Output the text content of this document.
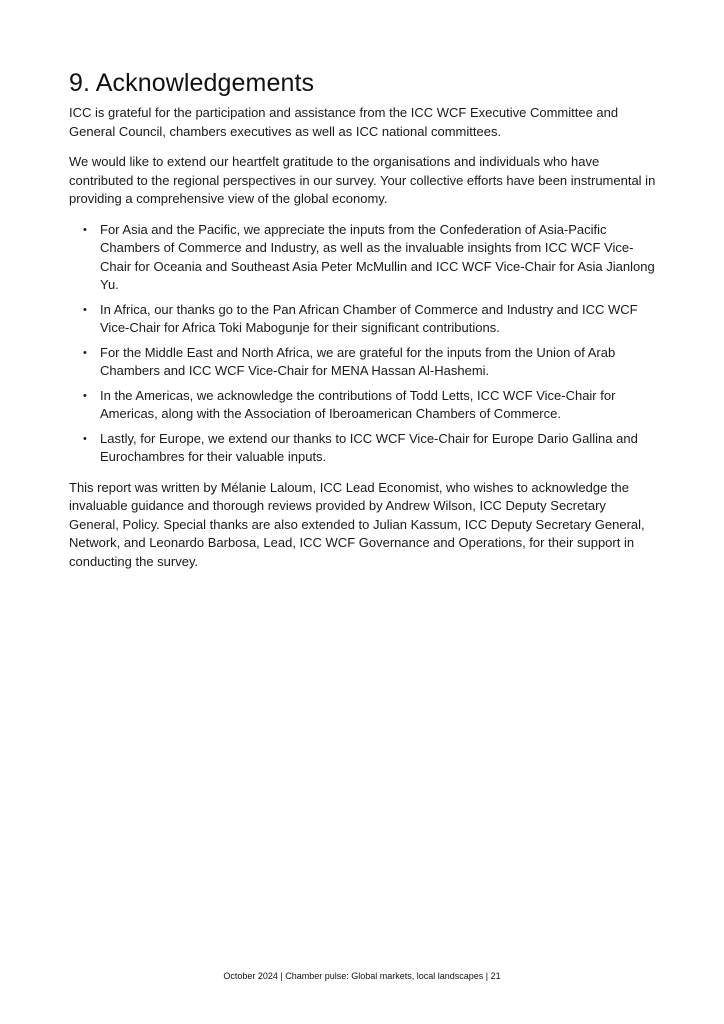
9. Acknowledgements

ICC is grateful for the participation and assistance from the ICC WCF Executive Committee and General Council, chambers executives as well as ICC national committees.

We would like to extend our heartfelt gratitude to the organisations and individuals who have contributed to the regional perspectives in our survey. Your collective efforts have been instrumental in providing a comprehensive view of the global economy.

• For Asia and the Pacific, we appreciate the inputs from the Confederation of Asia-Pacific Chambers of Commerce and Industry, as well as the invaluable insights from ICC WCF Vice-Chair for Oceania and Southeast Asia Peter McMullin and ICC WCF Vice-Chair for Asia Jianlong Yu.
• In Africa, our thanks go to the Pan African Chamber of Commerce and Industry and ICC WCF Vice-Chair for Africa Toki Mabogunje for their significant contributions.
• For the Middle East and North Africa, we are grateful for the inputs from the Union of Arab Chambers and ICC WCF Vice-Chair for MENA Hassan Al-Hashemi.
• In the Americas, we acknowledge the contributions of Todd Letts, ICC WCF Vice-Chair for Americas, along with the Association of Iberoamerican Chambers of Commerce.
• Lastly, for Europe, we extend our thanks to ICC WCF Vice-Chair for Europe Dario Gallina and Eurochambres for their valuable inputs.

This report was written by Mélanie Laloum, ICC Lead Economist, who wishes to acknowledge the invaluable guidance and thorough reviews provided by Andrew Wilson, ICC Deputy Secretary General, Policy. Special thanks are also extended to Julian Kassum, ICC Deputy Secretary General, Network, and Leonardo Barbosa, Lead, ICC WCF Governance and Operations, for their support in conducting the survey.

October 2024 | Chamber pulse: Global markets, local landscapes | 21
